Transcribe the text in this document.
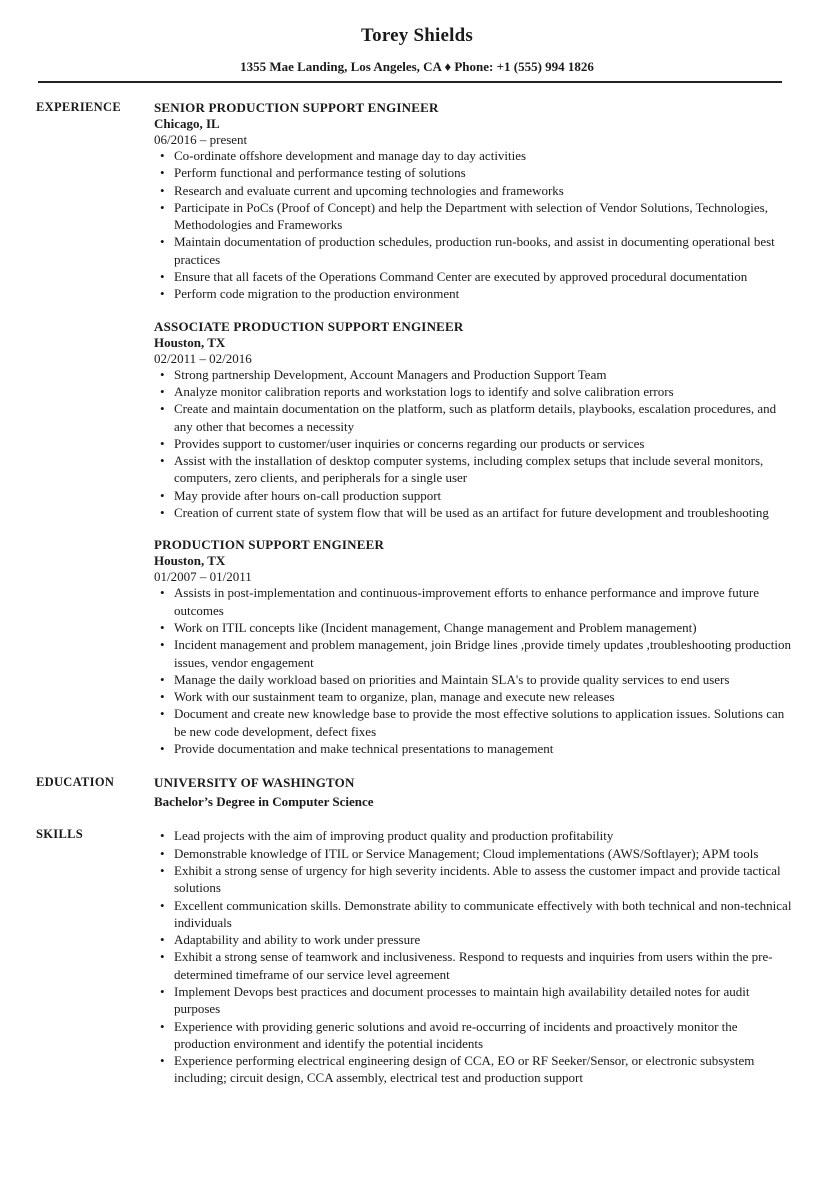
Torey Shields
1355 Mae Landing, Los Angeles, CA ♦ Phone: +1 (555) 994 1826
EXPERIENCE	SENIOR PRODUCTION SUPPORT ENGINEER
Chicago, IL
06/2016 – present
• Co-ordinate offshore development and manage day to day activities
• Perform functional and performance testing of solutions
• Research and evaluate current and upcoming technologies and frameworks
• Participate in PoCs (Proof of Concept) and help the Department with selection of Vendor Solutions, Technologies, Methodologies and Frameworks
• Maintain documentation of production schedules, production run-books, and assist in documenting operational best practices
• Ensure that all facets of the Operations Command Center are executed by approved procedural documentation
• Perform code migration to the production environment
ASSOCIATE PRODUCTION SUPPORT ENGINEER
Houston, TX
02/2011 – 02/2016
• Strong partnership Development, Account Managers and Production Support Team
• Analyze monitor calibration reports and workstation logs to identify and solve calibration errors
• Create and maintain documentation on the platform, such as platform details, playbooks, escalation procedures, and any other that becomes a necessity
• Provides support to customer/user inquiries or concerns regarding our products or services
• Assist with the installation of desktop computer systems, including complex setups that include several monitors, computers, zero clients, and peripherals for a single user
• May provide after hours on-call production support
• Creation of current state of system flow that will be used as an artifact for future development and troubleshooting
PRODUCTION SUPPORT ENGINEER
Houston, TX
01/2007 – 01/2011
• Assists in post-implementation and continuous-improvement efforts to enhance performance and improve future outcomes
• Work on ITIL concepts like (Incident management, Change management and Problem management)
• Incident management and problem management, join Bridge lines ,provide timely updates ,troubleshooting production issues, vendor engagement
• Manage the daily workload based on priorities and Maintain SLA's to provide quality services to end users
• Work with our sustainment team to organize, plan, manage and execute new releases
• Document and create new knowledge base to provide the most effective solutions to application issues. Solutions can be new code development, defect fixes
• Provide documentation and make technical presentations to management
EDUCATION	UNIVERSITY OF WASHINGTON
Bachelor’s Degree in Computer Science
SKILLS
•	Lead projects with the aim of improving product quality and production profitability
• Demonstrable knowledge of ITIL or Service Management; Cloud implementations (AWS/Softlayer); APM tools
• Exhibit a strong sense of urgency for high severity incidents. Able to assess the customer impact and provide tactical solutions
• Excellent communication skills. Demonstrate ability to communicate effectively with both technical and non-technical individuals
• Adaptability and ability to work under pressure
• Exhibit a strong sense of teamwork and inclusiveness. Respond to requests and inquiries from users within the pre-determined timeframe of our service level agreement
• Implement Devops best practices and document processes to maintain high availability detailed notes for audit purposes
• Experience with providing generic solutions and avoid re-occurring of incidents and proactively monitor the production environment and identify the potential incidents
• Experience performing electrical engineering design of CCA, EO or RF Seeker/Sensor, or electronic subsystem including; circuit design, CCA assembly, electrical test and production support
